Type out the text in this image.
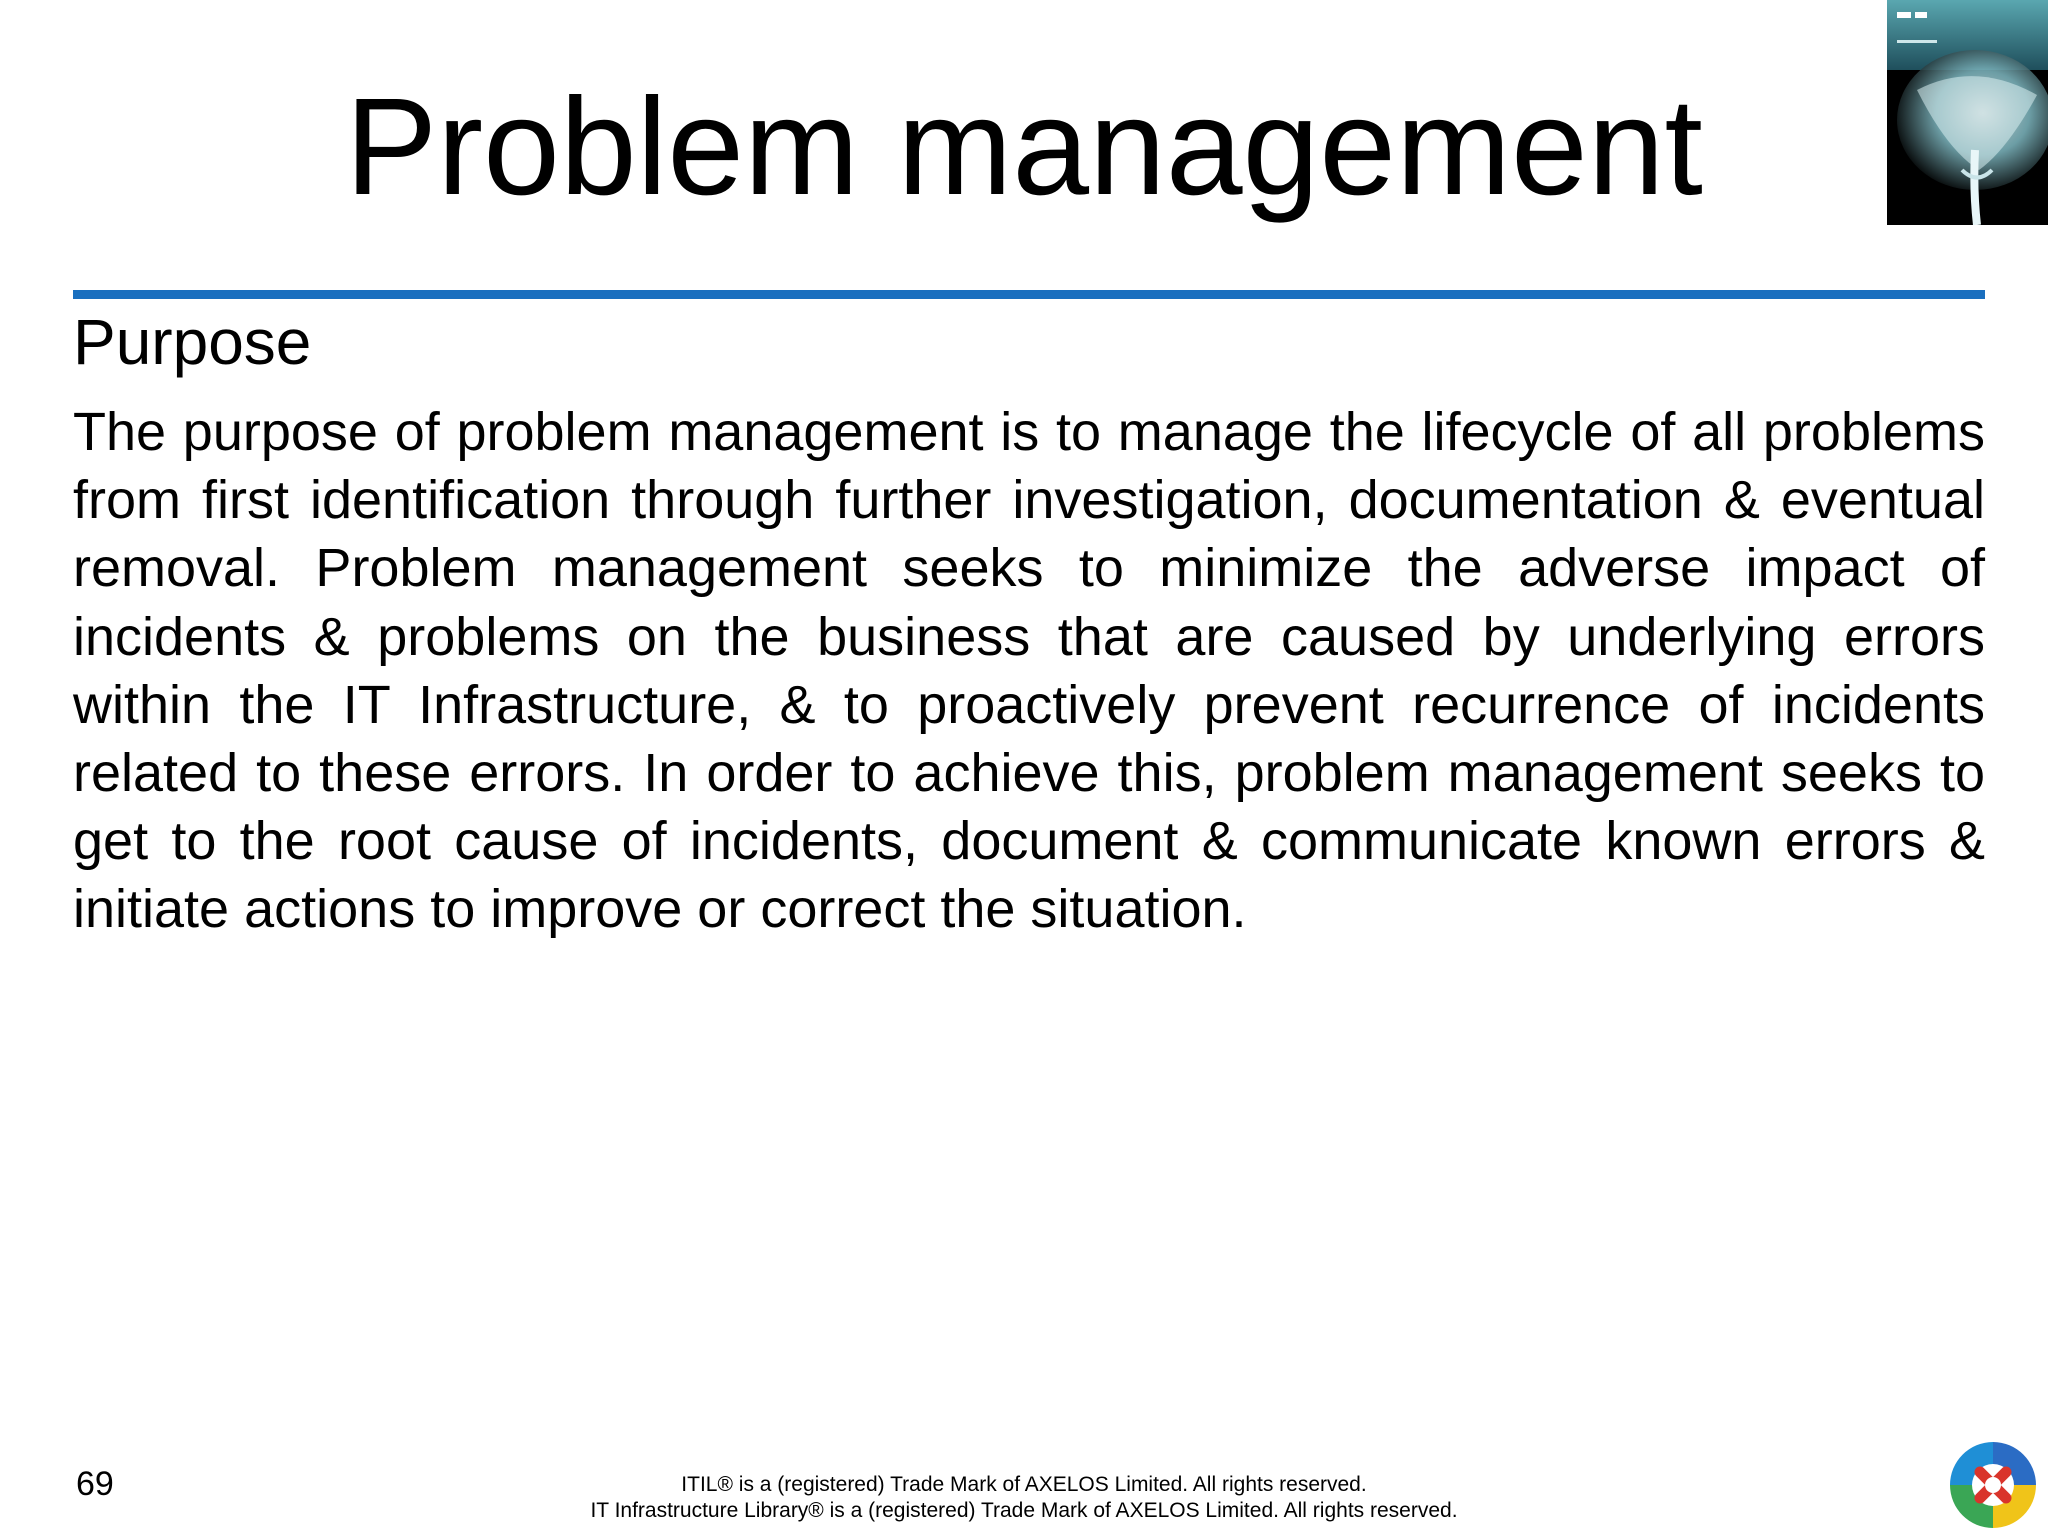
Problem management
Purpose

The purpose of problem management is to manage the lifecycle of all problems from first identification through further investigation, documentation & eventual removal. Problem management seeks to minimize the adverse impact of incidents & problems on the business that are caused by underlying errors within the IT Infrastructure, & to proactively prevent recurrence of incidents related to these errors. In order to achieve this, problem management seeks to get to the root cause of incidents, document & communicate known errors & initiate actions to improve or correct the situation.

69	ITIL® is a (registered) Trade Mark of AXELOS Limited. All rights reserved.
IT Infrastructure Library® is a (registered) Trade Mark of AXELOS Limited. All rights reserved.
